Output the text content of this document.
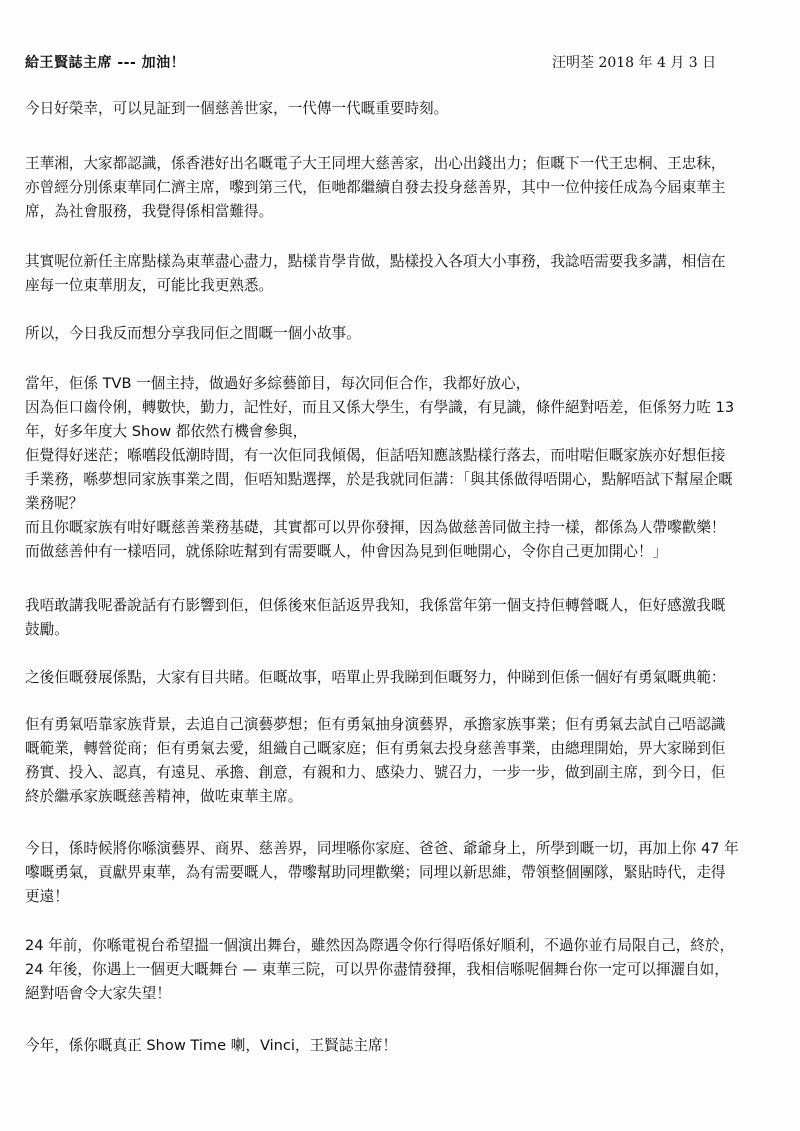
給王賢誌主席 --- 加油！	汪明荃 2018 年 4 月 3 日
今日好榮幸，可以見証到一個慈善世家，一代傳一代嘅重要時刻。
王華湘，大家都認識，係香港好出名嘅電子大王同埋大慈善家，出心出錢出力；佢嘅下一代王忠桐、王忠秣，
亦曾經分別係東華同仁濟主席，嚟到第三代，佢哋都繼續自發去投身慈善界，其中一位仲接任成為今屆東華主
席，為社會服務，我覺得係相當難得。
其實呢位新任主席點樣為東華盡心盡力，點樣肯學肯做，點樣投入各項大小事務，我諗唔需要我多講，相信在
座每一位東華朋友，可能比我更熟悉。
所以，今日我反而想分享我同佢之間嘅一個小故事。
當年，佢係 TVB 一個主持，做過好多綜藝節目，每次同佢合作，我都好放心，
因為佢口齒伶俐，轉數快，勤力，記性好，而且又係大學生，有學識，有見識，條件絕對唔差，佢係努力咗 13
年，好多年度大 Show 都依然冇機會參與，
佢覺得好迷茫；喺嚿段低潮時間，有一次佢同我傾偈，佢話唔知應該點樣行落去，而咁啱佢嘅家族亦好想佢接
手業務，喺夢想同家族事業之間，佢唔知點選擇，於是我就同佢講：「與其係做得唔開心，點解唔試下幫屋企嘅
業務呢？
而且你嘅家族有咁好嘅慈善業務基礎，其實都可以畀你發揮，因為做慈善同做主持一樣，都係為人帶嚟歡樂！
而做慈善仲有一樣唔同，就係除咗幫到有需要嘅人，仲會因為見到佢哋開心，令你自己更加開心！」
我唔敢講我呢番說話有冇影響到佢，但係後來佢話返畀我知，我係當年第一個支持佢轉營嘅人，佢好感激我嘅
鼓勵。
之後佢嘅發展係點，大家有目共睹。佢嘅故事，唔單止畀我睇到佢嘅努力，仲睇到佢係一個好有勇氣嘅典範：
佢有勇氣唔靠家族背景，去追自己演藝夢想；佢有勇氣抽身演藝界，承擔家族事業；佢有勇氣去試自己唔認識
嘅範業，轉營從商；佢有勇氣去愛，組織自己嘅家庭；佢有勇氣去投身慈善事業，由總理開始，畀大家睇到佢
務實、投入、認真，有遠見、承擔、創意，有親和力、感染力、號召力，一步一步，做到副主席，到今日，佢
終於繼承家族嘅慈善精神，做咗東華主席。
今日，係時候將你喺演藝界、商界、慈善界，同埋喺你家庭、爸爸、爺爺身上，所學到嘅一切，再加上你 47 年
嚟嘅勇氣，貢獻畀東華，為有需要嘅人，帶嚟幫助同埋歡樂；同埋以新思維，帶領整個團隊，緊貼時代，走得
更遠！
24 年前，你喺電視台希望搵一個演出舞台，雖然因為際遇令你行得唔係好順利，不過你並冇局限自己，終於，
24 年後，你遇上一個更大嘅舞台 — 東華三院，可以畀你盡情發揮，我相信喺呢個舞台你一定可以揮灑自如，
絕對唔會令大家失望！
今年，係你嘅真正 Show Time 喇，Vinci，王賢誌主席！
